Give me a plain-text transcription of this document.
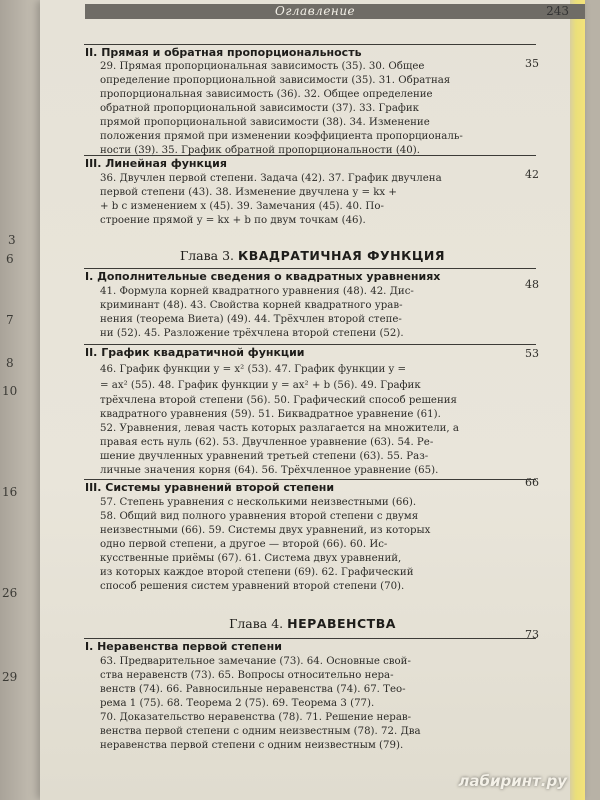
3
6
7
8
10
16
26
29
Оглавление	243
35
II. Прямая и обратная пропорциональность
29. Прямая пропорциональная зависимость (35). 30. Общее
определение пропорциональной зависимости (35). 31. Обратная
пропорциональная зависимость (36). 32. Общее определение
обратной пропорциональной зависимости (37). 33. График
прямой пропорциональной зависимости (38). 34. Изменение
положения прямой при изменении коэффициента пропорциональ-
ности (39). 35. График обратной пропорциональности (40).
42
III. Линейная функция
36. Двучлен первой степени. Задача (42). 37. График двучлена
первой степени (43). 38. Изменение двучлена y = kx +
+ b с изменением x (45). 39. Замечания (45). 40. По-
строение прямой y = kx + b по двум точкам (46).
Глава 3. КВАДРАТИЧНАЯ ФУНКЦИЯ
48
I. Дополнительные сведения о квадратных уравнениях
41. Формула корней квадратного уравнения (48). 42. Дис-
криминант (48). 43. Свойства корней квадратного урав-
нения (теорема Виета) (49). 44. Трёхчлен второй степе-
ни (52). 45. Разложение трёхчлена второй степени (52).
53
II. График квадратичной функции
46. График функции y = x² (53). 47. График функции y =
= ax² (55). 48. График функции y = ax² + b (56). 49. График
трёхчлена второй степени (56). 50. Графический способ решения
квадратного уравнения (59). 51. Биквадратное уравнение (61).
52. Уравнения, левая часть которых разлагается на множители, а
правая есть нуль (62). 53. Двучленное уравнение (63). 54. Ре-
шение двучленных уравнений третьей степени (63). 55. Раз-
личные значения корня (64). 56. Трёхчленное уравнение (65).
66
III. Системы уравнений второй степени
57. Степень уравнения с несколькими неизвестными (66).
58. Общий вид полного уравнения второй степени с двумя
неизвестными (66). 59. Системы двух уравнений, из которых
одно первой степени, а другое — второй (66). 60. Ис-
кусственные приёмы (67). 61. Система двух уравнений,
из которых каждое второй степени (69). 62. Графический
способ решения систем уравнений второй степени (70).
Глава 4. НЕРАВЕНСТВА
73
I. Неравенства первой степени
63. Предварительное замечание (73). 64. Основные свой-
ства неравенств (73). 65. Вопросы относительно нера-
венств (74). 66. Равносильные неравенства (74). 67. Тео-
рема 1 (75). 68. Теорема 2 (75). 69. Теорема 3 (77).
70. Доказательство неравенства (78). 71. Решение нерав-
венства первой степени с одним неизвестным (78). 72. Два
неравенства первой степени с одним неизвестным (79).
лабиринт.ру
